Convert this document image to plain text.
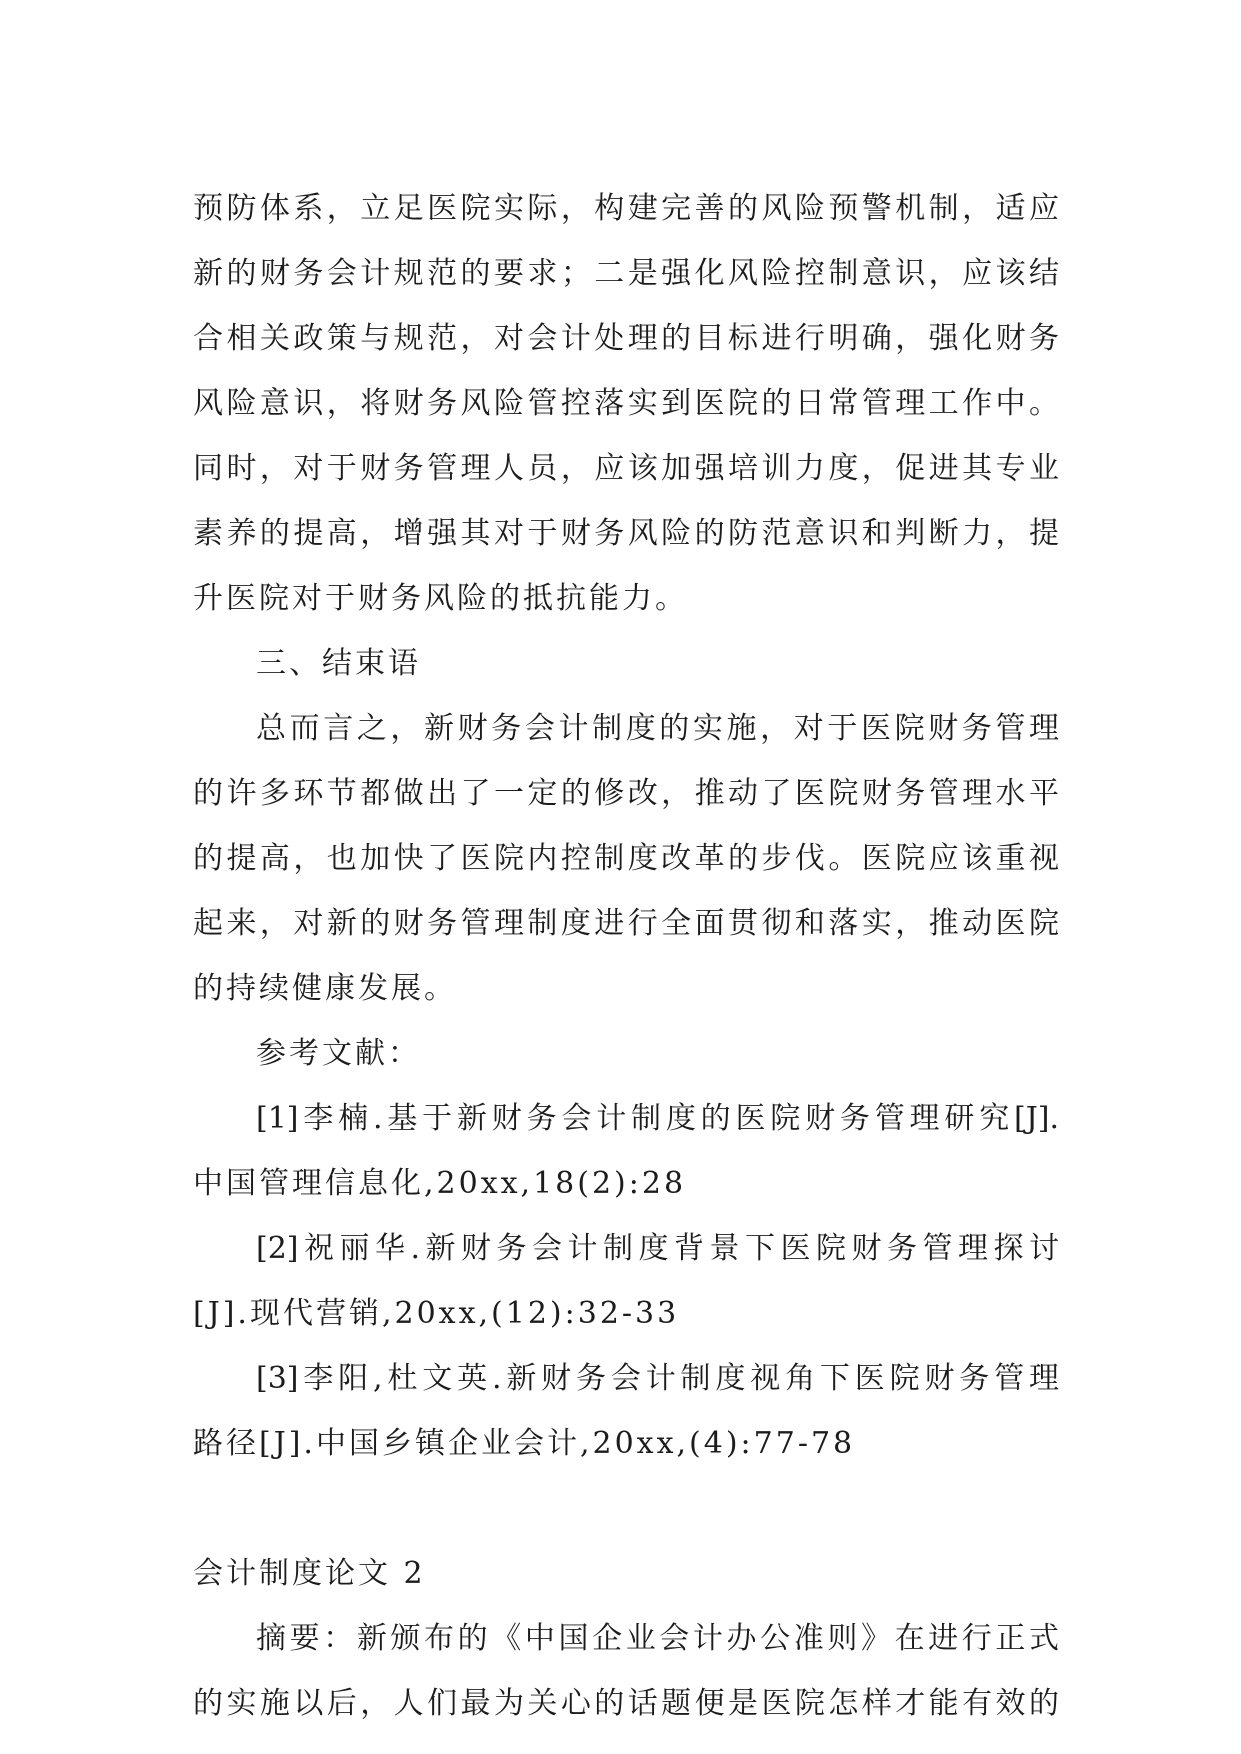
预防体系，立足医院实际，构建完善的风险预警机制，适应
新的财务会计规范的要求；二是强化风险控制意识，应该结
合相关政策与规范，对会计处理的目标进行明确，强化财务
风险意识，将财务风险管控落实到医院的日常管理工作中。
同时，对于财务管理人员，应该加强培训力度，促进其专业
素养的提高，增强其对于财务风险的防范意识和判断力，提
升医院对于财务风险的抵抗能力。
三、结束语
总而言之，新财务会计制度的实施，对于医院财务管理
的许多环节都做出了一定的修改，推动了医院财务管理水平
的提高，也加快了医院内控制度改革的步伐。医院应该重视
起来，对新的财务管理制度进行全面贯彻和落实，推动医院
的持续健康发展。
参考文献：
[1]李楠.基于新财务会计制度的医院财务管理研究[J].
中国管理信息化,20xx,18(2):28
[2]祝丽华.新财务会计制度背景下医院财务管理探讨
[J].现代营销,20xx,(12):32-33
[3]李阳,杜文英.新财务会计制度视角下医院财务管理
路径[J].中国乡镇企业会计,20xx,(4):77-78
会计制度论文 2
摘要：新颁布的《中国企业会计办公准则》在进行正式
的实施以后，人们最为关心的话题便是医院怎样才能有效的
